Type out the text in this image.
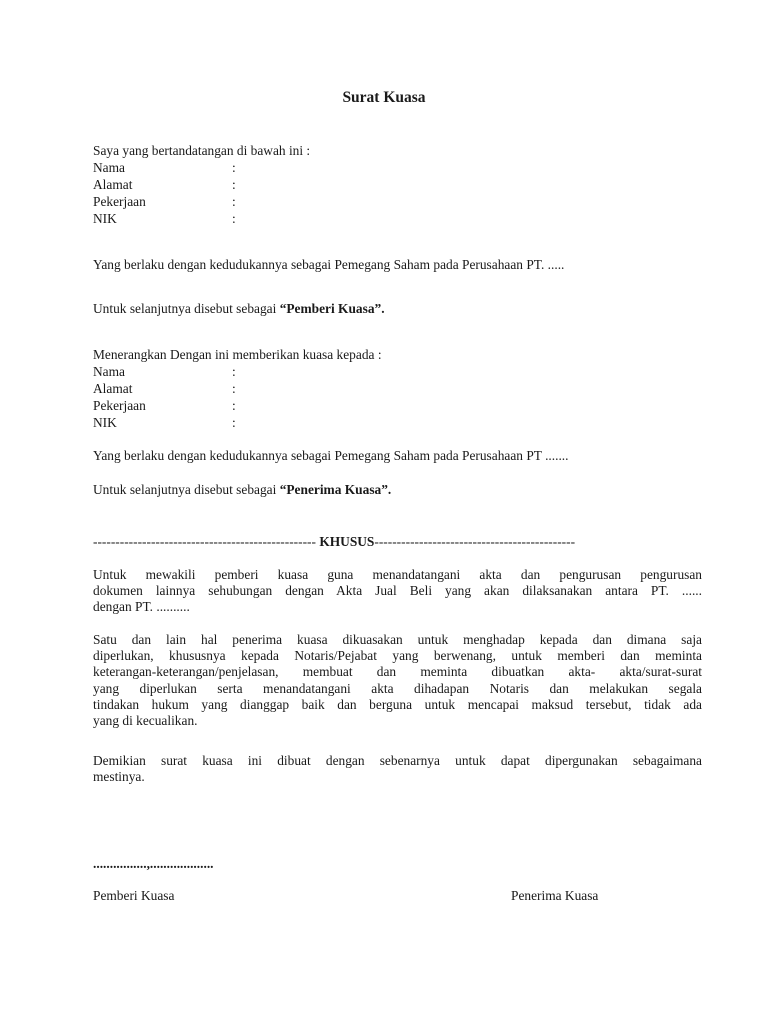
Surat Kuasa
Saya yang bertandatangan di bawah ini :
Nama	:
Alamat	:
Pekerjaan	:
NIK	:
Yang berlaku dengan kedudukannya sebagai Pemegang Saham pada Perusahaan PT. .....
Untuk selanjutnya disebut sebagai “Pemberi Kuasa”.
Menerangkan Dengan ini memberikan kuasa kepada :
Nama	:
Alamat	:
Pekerjaan	:
NIK	:
Yang berlaku dengan kedudukannya sebagai Pemegang Saham pada Perusahaan PT .......
Untuk selanjutnya disebut sebagai “Penerima Kuasa”.
-------------------------------------------------- KHUSUS---------------------------------------------
Untuk mewakili pemberi kuasa guna menandatangani akta dan pengurusan pengurusan
dokumen lainnya sehubungan dengan Akta Jual Beli yang akan dilaksanakan antara PT. ......
dengan PT. ..........
Satu dan lain hal penerima kuasa dikuasakan untuk menghadap kepada dan dimana saja
diperlukan, khususnya kepada Notaris/Pejabat yang berwenang, untuk memberi dan meminta
keterangan-keterangan/penjelasan, membuat dan meminta dibuatkan akta- akta/surat-surat
yang diperlukan serta menandatangani akta dihadapan Notaris dan melakukan segala
tindakan hukum yang dianggap baik dan berguna untuk mencapai maksud tersebut, tidak ada
yang di kecualikan.
Demikian surat kuasa ini dibuat dengan sebenarnya untuk dapat dipergunakan sebagaimana
mestinya.
................,...................
Pemberi Kuasa	Penerima Kuasa
